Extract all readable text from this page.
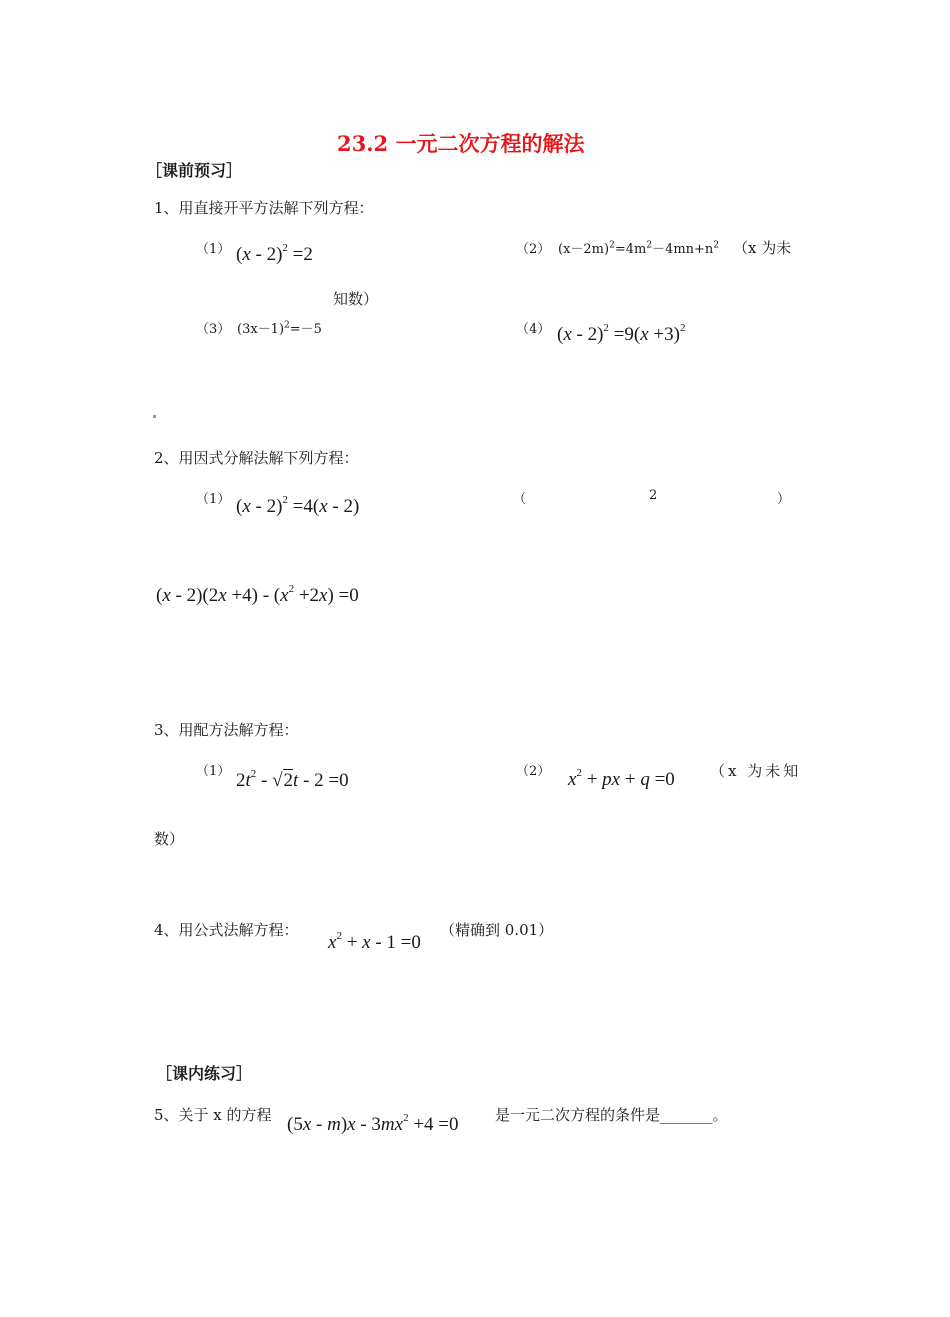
23.2 一元二次方程的解法
［课前预习］
1、用直接开平方法解下列方程：
（1） (x - 2)$^2$ =2	（2） $(x-2m)^2=4m^2-4mn+n^2$ （x 为未
知数）
（3） $(3x-1)^2=-5$	（4） $(x - 2)^2 =9(x +3)^2$
2、用因式分解法解下列方程：
（1） (x - 2)$^2$ =4(x - 2)	（	2	）
$(x - 2)(2x +4) - (x^2 +2x) =0$
3、用配方法解方程：
（1） $2t^2 - √2t - 2 =0$	（2） $x^2$ + px + q =0 （x 为未知
数）
4、用公式法解方程：
$x^2 + x - 1 =0$
（精确到 0.01）
［课内练习］
5、关于 x 的方程 $(5x - m)x - 3mx^2 +4 =0$ 是一元二次方程的条件是_______。
